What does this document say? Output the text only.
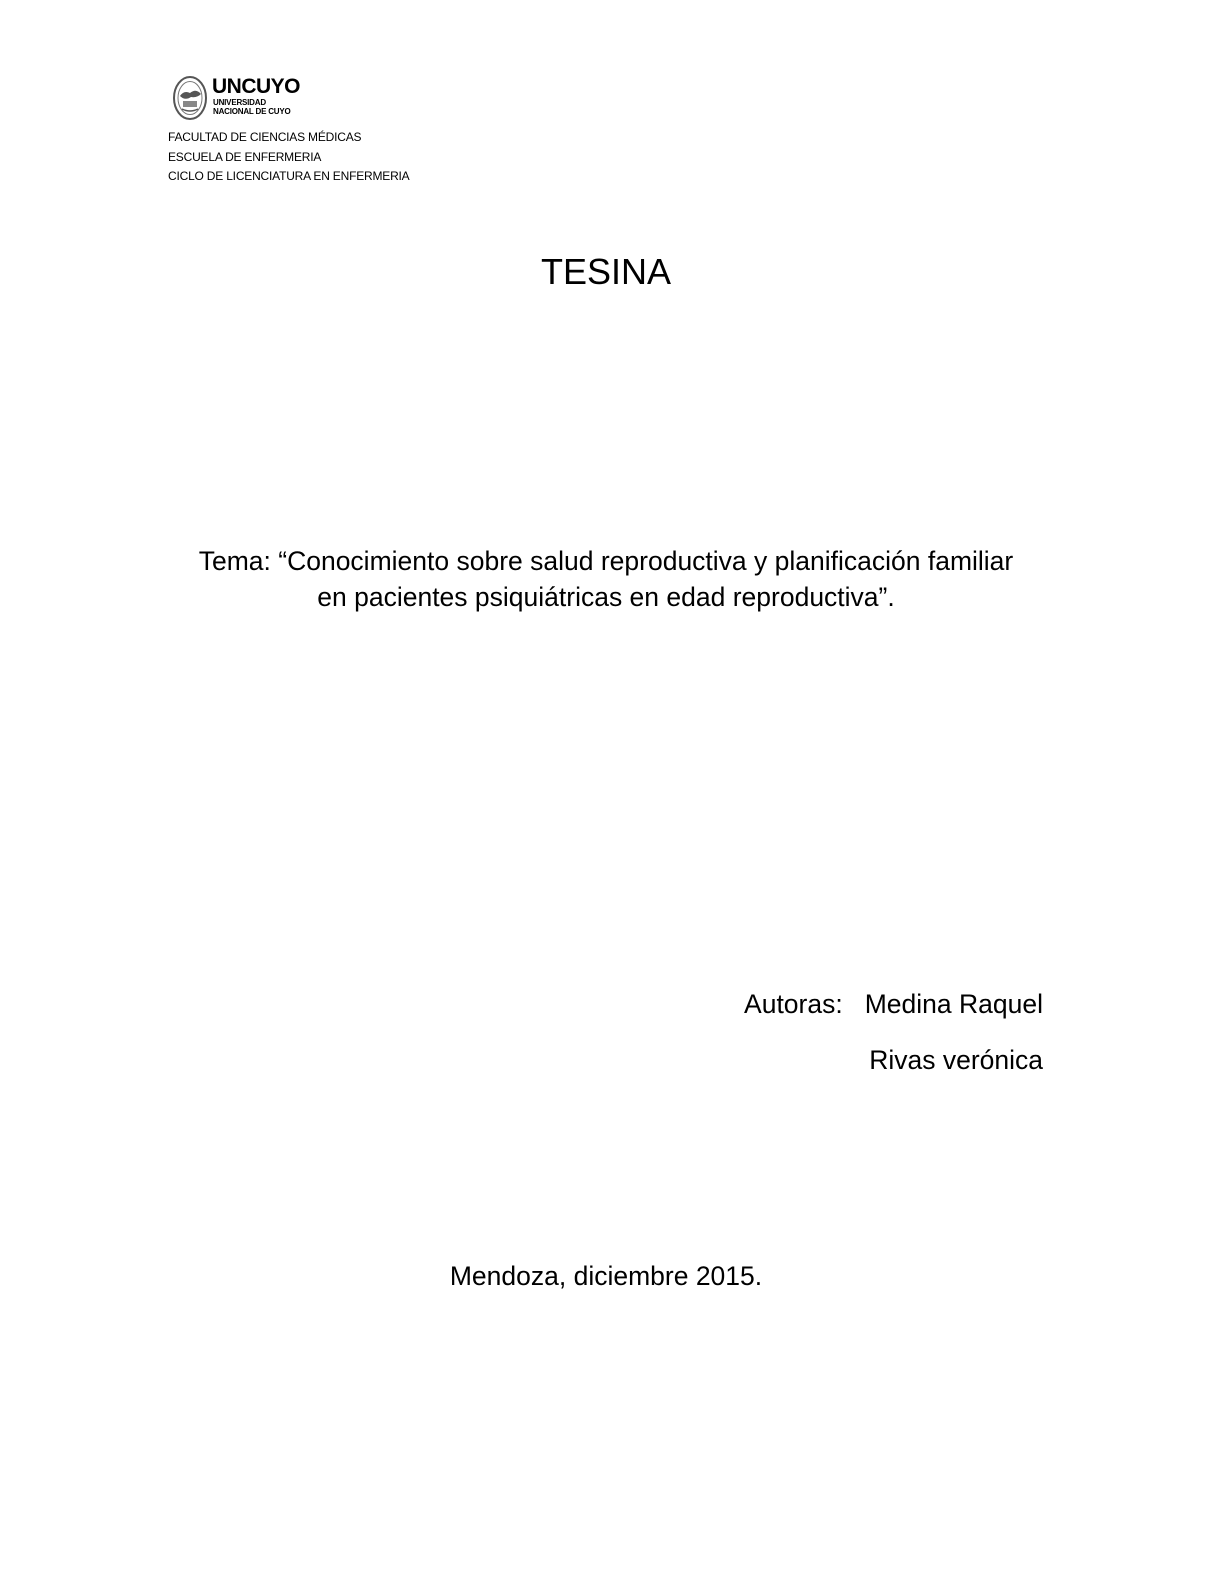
UNCUYO
UNIVERSIDAD
NACIONAL DE CUYO
FACULTAD DE CIENCIAS MÉDICAS
ESCUELA DE ENFERMERIA
CICLO DE LICENCIATURA EN ENFERMERIA
TESINA
Tema: “Conocimiento sobre salud reproductiva y planificación familiar
en pacientes psiquiátricas en edad reproductiva”.
Autoras: Medina Raquel
Rivas verónica
Mendoza, diciembre 2015.
